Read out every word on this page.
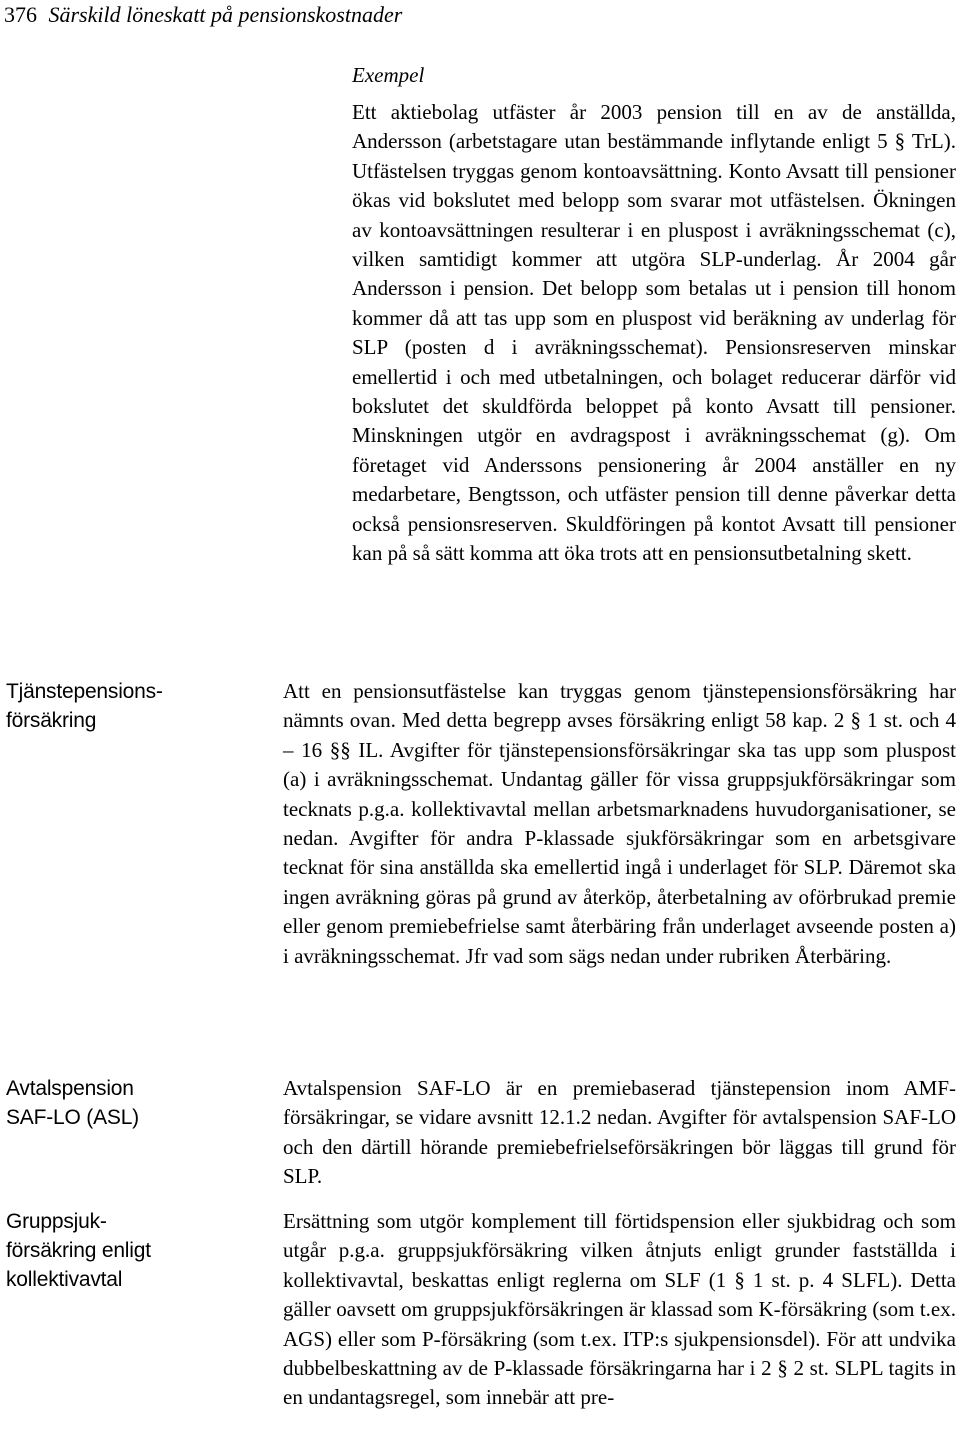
376 Särskild löneskatt på pensionskostnader

Exempel

Ett aktiebolag utfäster år 2003 pension till en av de anställda, Andersson (arbetstagare utan bestämmande inflytande enligt 5 § TrL). Utfästelsen tryggas genom kontoavsättning. Konto Avsatt till pensioner ökas vid bokslutet med belopp som svarar mot utfästelsen. Ökningen av kontoavsättningen resulterar i en pluspost i avräkningsschemat (c), vilken samtidigt kommer att utgöra SLP-underlag. År 2004 går Andersson i pension. Det belopp som betalas ut i pension till honom kommer då att tas upp som en pluspost vid beräkning av underlag för SLP (posten d i avräkningsschemat). Pensionsreserven minskar emellertid i och med utbetalningen, och bolaget reducerar därför vid bokslutet det skuldförda beloppet på konto Avsatt till pensioner. Minskningen utgör en avdragspost i avräkningsschemat (g). Om företaget vid Anderssons pensionering år 2004 anställer en ny medarbetare, Bengtsson, och utfäster pension till denne påverkar detta också pensionsreserven. Skuldföringen på kontot Avsatt till pensioner kan på så sätt komma att öka trots att en pensionsutbetalning skett.

Tjänstepensions-
försäkring

Att en pensionsutfästelse kan tryggas genom tjänstepensionsförsäkring har nämnts ovan. Med detta begrepp avses försäkring enligt 58 kap. 2 § 1 st. och 4 – 16 §§ IL. Avgifter för tjänstepensionsförsäkringar ska tas upp som pluspost (a) i avräkningsschemat. Undantag gäller för vissa gruppsjukförsäkringar som tecknats p.g.a. kollektivavtal mellan arbetsmarknadens huvudorganisationer, se nedan. Avgifter för andra P-klassade sjukförsäkringar som en arbetsgivare tecknat för sina anställda ska emellertid ingå i underlaget för SLP. Däremot ska ingen avräkning göras på grund av återköp, återbetalning av oförbrukad premie eller genom premiebefrielse samt återbäring från underlaget avseende posten a) i avräkningsschemat. Jfr vad som sägs nedan under rubriken Återbäring.

Avtalspension
SAF-LO (ASL)

Avtalspension SAF-LO är en premiebaserad tjänstepension inom AMF-försäkringar, se vidare avsnitt 12.1.2 nedan. Avgifter för avtalspension SAF-LO och den därtill hörande premiebefrielseförsäkringen bör läggas till grund för SLP.

Gruppsjuk-
försäkring enligt
kollektivavtal

Ersättning som utgör komplement till förtidspension eller sjukbidrag och som utgår p.g.a. gruppsjukförsäkring vilken åtnjuts enligt grunder fastställda i kollektivavtal, beskattas enligt reglerna om SLF (1 § 1 st. p. 4 SLFL). Detta gäller oavsett om gruppsjukförsäkringen är klassad som K-försäkring (som t.ex. AGS) eller som P-försäkring (som t.ex. ITP:s sjukpensionsdel). För att undvika dubbelbeskattning av de P-klassade försäkringarna har i 2 § 2 st. SLPL tagits in en undantagsregel, som innebär att pre-
